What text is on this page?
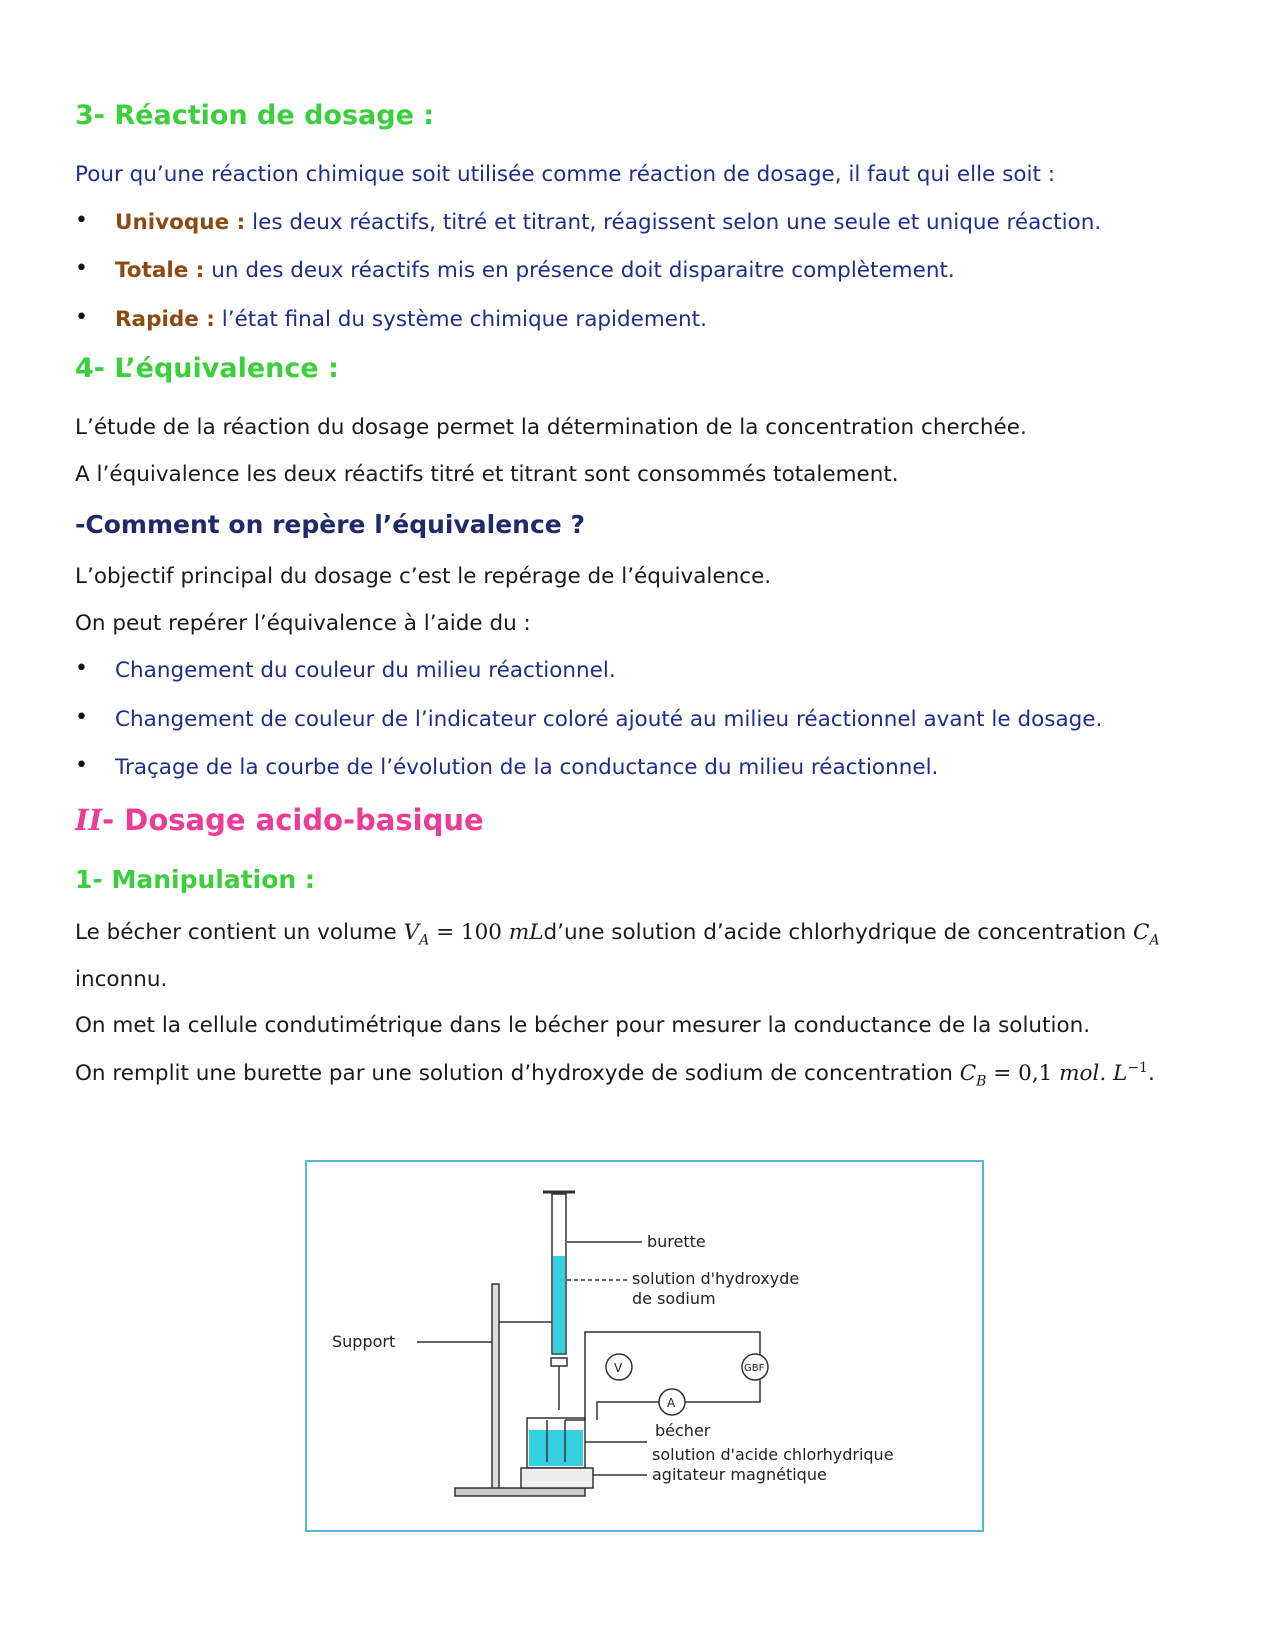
3- Réaction de dosage :

Pour qu’une réaction chimique soit utilisée comme réaction de dosage, il faut qui elle soit :

• Univoque : les deux réactifs, titré et titrant, réagissent selon une seule et unique réaction.
• Totale : un des deux réactifs mis en présence doit disparaitre complètement.
• Rapide : l’état final du système chimique rapidement.
4- L’équivalence :

L’étude de la réaction du dosage permet la détermination de la concentration cherchée.

A l’équivalence les deux réactifs titré et titrant sont consommés totalement.

-Comment on repère l’équivalence ?

L’objectif principal du dosage c’est le repérage de l’équivalence.

On peut repérer l’équivalence à l’aide du :

• Changement du couleur du milieu réactionnel.
• Changement de couleur de l’indicateur coloré ajouté au milieu réactionnel avant le dosage.
• Traçage de la courbe de l’évolution de la conductance du milieu réactionnel.
II- Dosage acido-basique
1- Manipulation :

Le bécher contient un volume $V_A = 100$ mLd’une solution d’acide chlorhydrique de concentration $C_A$

inconnu.

On met la cellule condutimétrique dans le bécher pour mesurer la conductance de la solution.

On remplit une burette par une solution d’hydroxyde de sodium de concentration $C_B = 0,1$ mol. $L^{-1}$.

burette
solution d'hydroxyde
de sodium
Support
V	GBF
A
bécher
solution d'acide chlorhydrique
agitateur magnétique
